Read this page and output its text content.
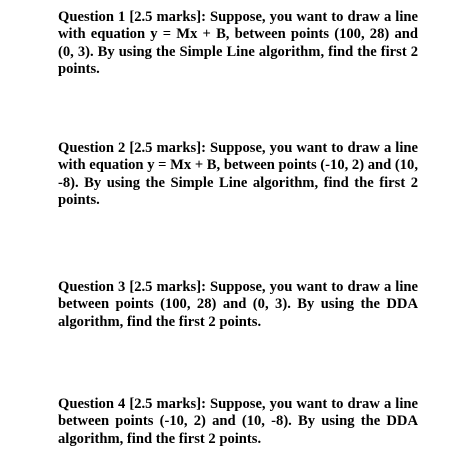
Question 1 [2.5 marks]: Suppose, you want to draw a line with equation y = Mx + B, between points (100, 28) and (0, 3). By using the Simple Line algorithm, find the first 2 points.

Question 2 [2.5 marks]: Suppose, you want to draw a line with equation y = Mx + B, between points (-10, 2) and (10, -8). By using the Simple Line algorithm, find the first 2 points.

Question 3 [2.5 marks]: Suppose, you want to draw a line between points (100, 28) and (0, 3). By using the DDA algorithm, find the first 2 points.

Question 4 [2.5 marks]: Suppose, you want to draw a line between points (-10, 2) and (10, -8). By using the DDA algorithm, find the first 2 points.
